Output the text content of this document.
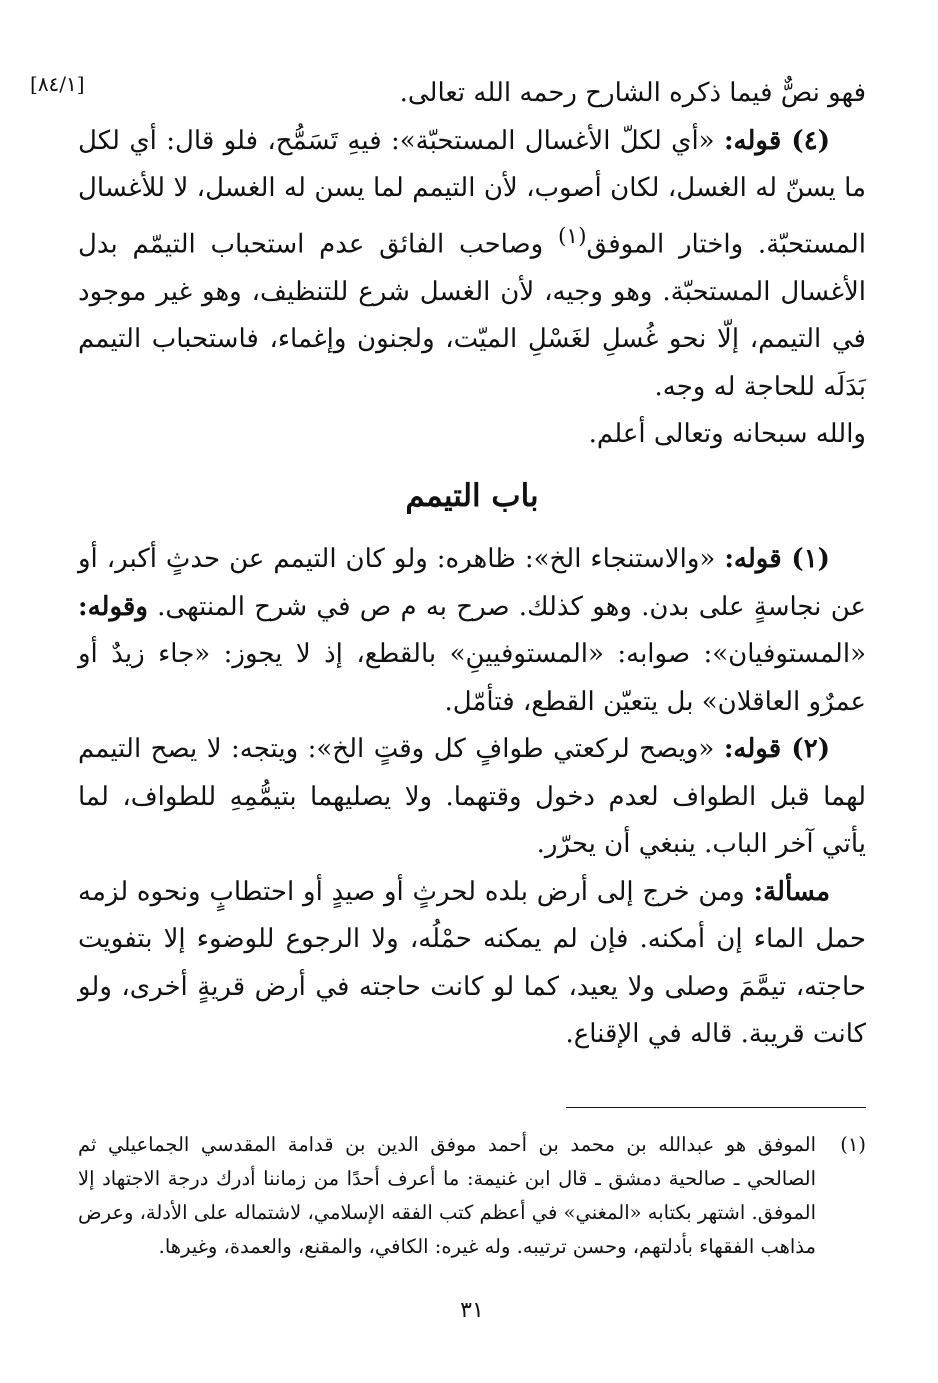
[٨٤/١]	فهو نصٌّ فيما ذكره الشارح رحمه الله تعالى.

(٤) قوله: «أي لكلّ الأغسال المستحبّة»: فيهِ تَسَمُّح، فلو قال: أي لكل ما يسنّ له الغسل، لكان أصوب، لأن التيمم لما يسن له الغسل، لا للأغسال المستحبّة. واختار الموفق$^{(١)}$ وصاحب الفائق عدم استحباب التيمّم بدل الأغسال المستحبّة. وهو وجيه، لأن الغسل شرع للتنظيف، وهو غير موجود في التيمم، إلّا نحو غُسلِ لغَسْلِ الميّت، ولجنون وإغماء، فاستحباب التيمم بَدَلَه للحاجة له وجه.

والله سبحانه وتعالى أعلم.

باب التيمم

(١) قوله: «والاستنجاء الخ»: ظاهره: ولو كان التيمم عن حدثٍ أكبر، أو عن نجاسةٍ على بدن. وهو كذلك. صرح به م ص في شرح المنتهى. وقوله: «المستوفيان»: صوابه: «المستوفيينِ» بالقطع، إذ لا يجوز: «جاء زيدٌ أو عمرٌو العاقلان» بل يتعيّن القطع، فتأمّل.

(٢) قوله: «ويصح لركعتي طوافٍ كل وقتٍ الخ»: ويتجه: لا يصح التيمم لهما قبل الطواف لعدم دخول وقتهما. ولا يصليهما بتيمُّمِهِ للطواف، لما يأتي آخر الباب. ينبغي أن يحرّر.

مسألة: ومن خرج إلى أرض بلده لحرثٍ أو صيدٍ أو احتطابٍ ونحوه لزمه حمل الماء إن أمكنه. فإن لم يمكنه حمْلُه، ولا الرجوع للوضوء إلا بتفويت حاجته، تيمَّمَ وصلى ولا يعيد، كما لو كانت حاجته في أرض قريةٍ أخرى، ولو كانت قريبة. قاله في الإقناع.

(١)
الموفق هو عبدالله بن محمد بن أحمد موفق الدين بن قدامة المقدسي الجماعيلي ثم الصالحي ـ صالحية دمشق ـ قال ابن غنيمة: ما أعرف أحدًا من زماننا أدرك درجة الاجتهاد إلا الموفق. اشتهر بكتابه «المغني» في أعظم كتب الفقه الإسلامي، لاشتماله على الأدلة، وعرض مذاهب الفقهاء بأدلتهم، وحسن ترتيبه. وله غيره: الكافي، والمقنع، والعمدة، وغيرها.
٣١
